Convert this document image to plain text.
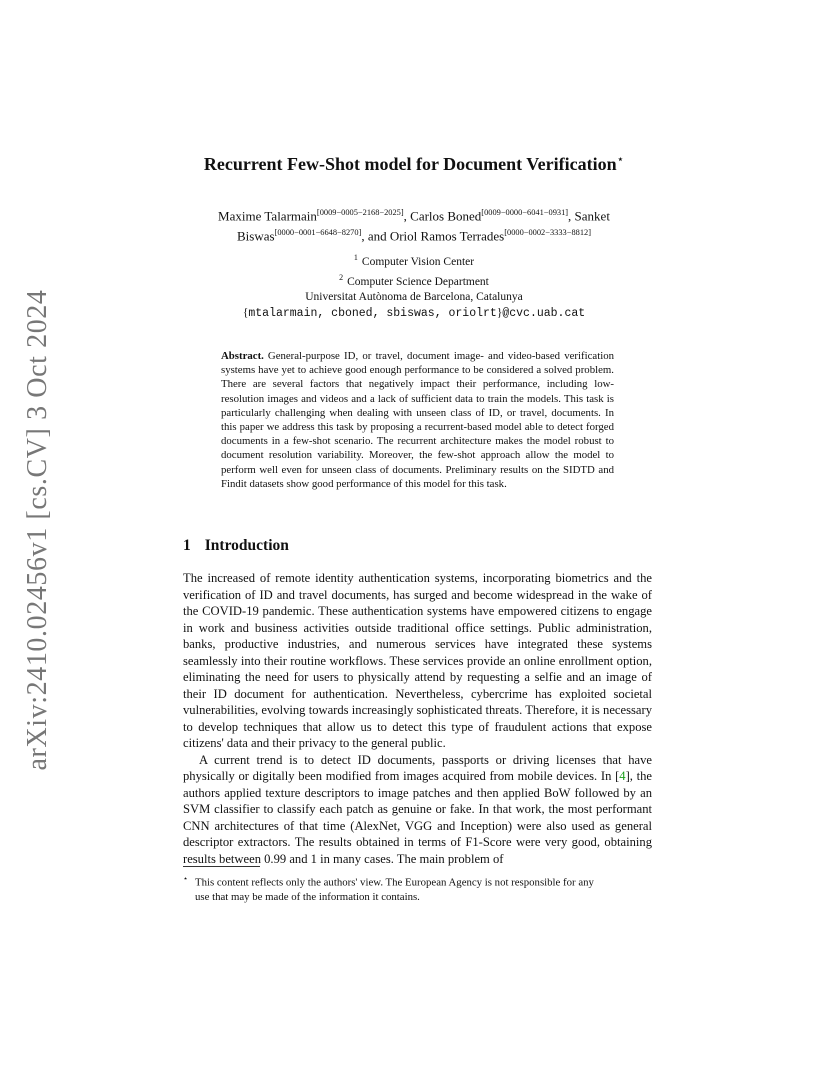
arXiv:2410.02456v1 [cs.CV] 3 Oct 2024
Recurrent Few-Shot model for Document Verification⋆
Maxime Talarmain[0009−0005−2168−2025], Carlos Boned[0009−0000−6041−0931], Sanket Biswas[0000−0001−6648−8270], and Oriol Ramos Terrades[0000−0002−3333−8812]
$^1$ Computer Vision Center
$^2$ Computer Science Department
Universitat Autònoma de Barcelona, Catalunya
{mtalarmain, cboned, sbiswas, oriolrt}@cvc.uab.cat
Abstract. General-purpose ID, or travel, document image- and video-based verification systems have yet to achieve good enough performance to be considered a solved problem. There are several factors that negatively impact their performance, including low-resolution images and videos and a lack of sufficient data to train the models. This task is particularly challenging when dealing with unseen class of ID, or travel, documents. In this paper we address this task by proposing a recurrent-based model able to detect forged documents in a few-shot scenario. The recurrent architecture makes the model robust to document resolution variability. Moreover, the few-shot approach allow the model to perform well even for unseen class of documents. Preliminary results on the SIDTD and Findit datasets show good performance of this model for this task.
1 Introduction

The increased of remote identity authentication systems, incorporating biometrics and the verification of ID and travel documents, has surged and become widespread in the wake of the COVID-19 pandemic. These authentication systems have empowered citizens to engage in work and business activities outside traditional office settings. Public administration, banks, productive industries, and numerous services have integrated these systems seamlessly into their routine workflows. These services provide an online enrollment option, eliminating the need for users to physically attend by requesting a selfie and an image of their ID document for authentication. Nevertheless, cybercrime has exploited societal vulnerabilities, evolving towards increasingly sophisticated threats. Therefore, it is necessary to develop techniques that allow us to detect this type of fraudulent actions that expose citizens' data and their privacy to the general public.

A current trend is to detect ID documents, passports or driving licenses that have physically or digitally been modified from images acquired from mobile devices. In [4], the authors applied texture descriptors to image patches and then applied BoW followed by an SVM classifier to classify each patch as genuine or fake. In that work, the most performant CNN architectures of that time (AlexNet, VGG and Inception) were also used as general descriptor extractors. The results obtained in terms of F1-Score were very good, obtaining results between 0.99 and 1 in many cases. The main problem of

⋆ This content reflects only the authors' view. The European Agency is not responsible for any
use that may be made of the information it contains.
